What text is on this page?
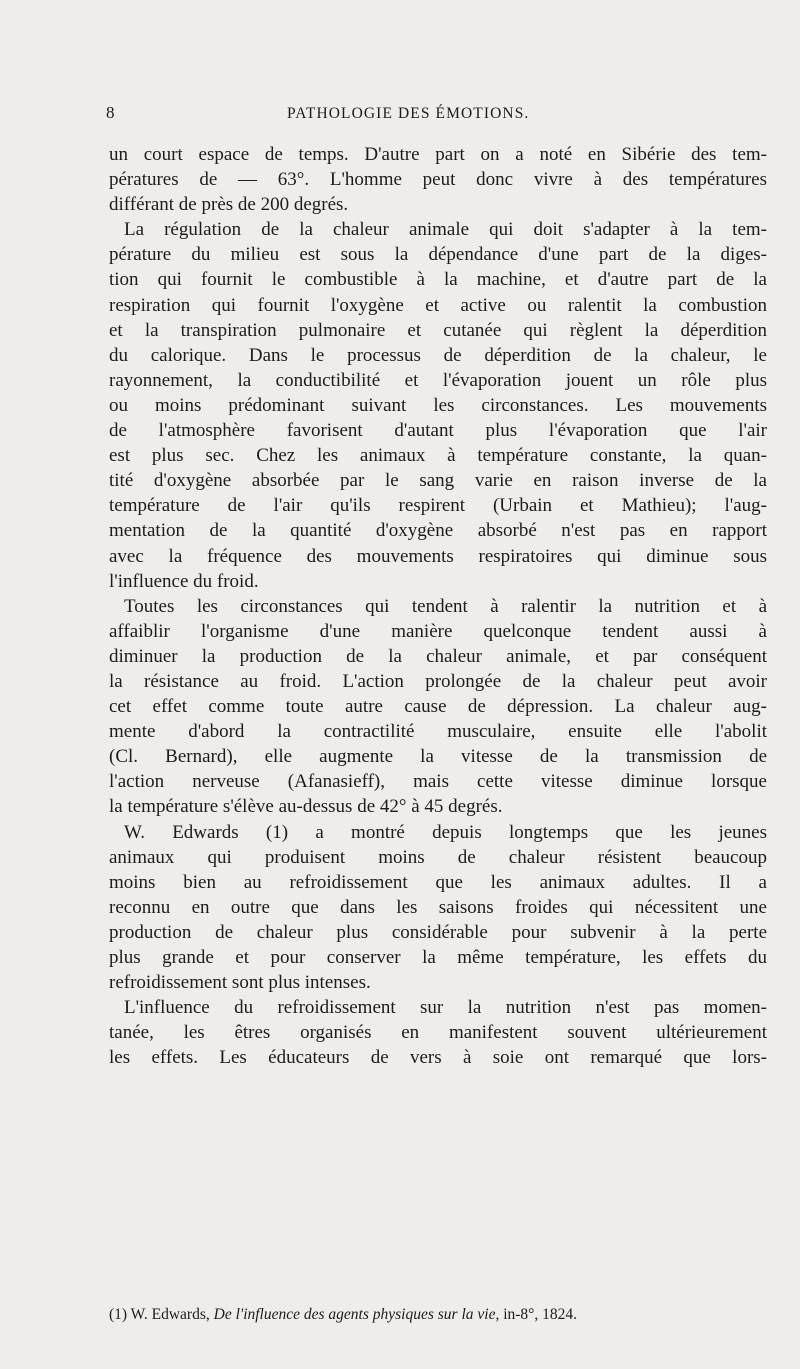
8	PATHOLOGIE DES ÉMOTIONS.
un court espace de temps. D'autre part on a noté en Sibérie des tem-
pératures de — 63°. L'homme peut donc vivre à des températures
différant de près de 200 degrés.
La régulation de la chaleur animale qui doit s'adapter à la tem-
pérature du milieu est sous la dépendance d'une part de la diges-
tion qui fournit le combustible à la machine, et d'autre part de la
respiration qui fournit l'oxygène et active ou ralentit la combustion
et la transpiration pulmonaire et cutanée qui règlent la déperdition
du calorique. Dans le processus de déperdition de la chaleur, le
rayonnement, la conductibilité et l'évaporation jouent un rôle plus
ou moins prédominant suivant les circonstances. Les mouvements
de l'atmosphère favorisent d'autant plus l'évaporation que l'air
est plus sec. Chez les animaux à température constante, la quan-
tité d'oxygène absorbée par le sang varie en raison inverse de la
température de l'air qu'ils respirent (Urbain et Mathieu); l'aug-
mentation de la quantité d'oxygène absorbé n'est pas en rapport
avec la fréquence des mouvements respiratoires qui diminue sous
l'influence du froid.
Toutes les circonstances qui tendent à ralentir la nutrition et à
affaiblir l'organisme d'une manière quelconque tendent aussi à
diminuer la production de la chaleur animale, et par conséquent
la résistance au froid. L'action prolongée de la chaleur peut avoir
cet effet comme toute autre cause de dépression. La chaleur aug-
mente d'abord la contractilité musculaire, ensuite elle l'abolit
(Cl. Bernard), elle augmente la vitesse de la transmission de
l'action nerveuse (Afanasieff), mais cette vitesse diminue lorsque
la température s'élève au-dessus de 42° à 45 degrés.
W. Edwards (1) a montré depuis longtemps que les jeunes
animaux qui produisent moins de chaleur résistent beaucoup
moins bien au refroidissement que les animaux adultes. Il a
reconnu en outre que dans les saisons froides qui nécessitent une
production de chaleur plus considérable pour subvenir à la perte
plus grande et pour conserver la même température, les effets du
refroidissement sont plus intenses.
L'influence du refroidissement sur la nutrition n'est pas momen-
tanée, les êtres organisés en manifestent souvent ultérieurement
les effets. Les éducateurs de vers à soie ont remarqué que lors-
(1) W. Edwards, De l'influence des agents physiques sur la vie, in-8°, 1824.
